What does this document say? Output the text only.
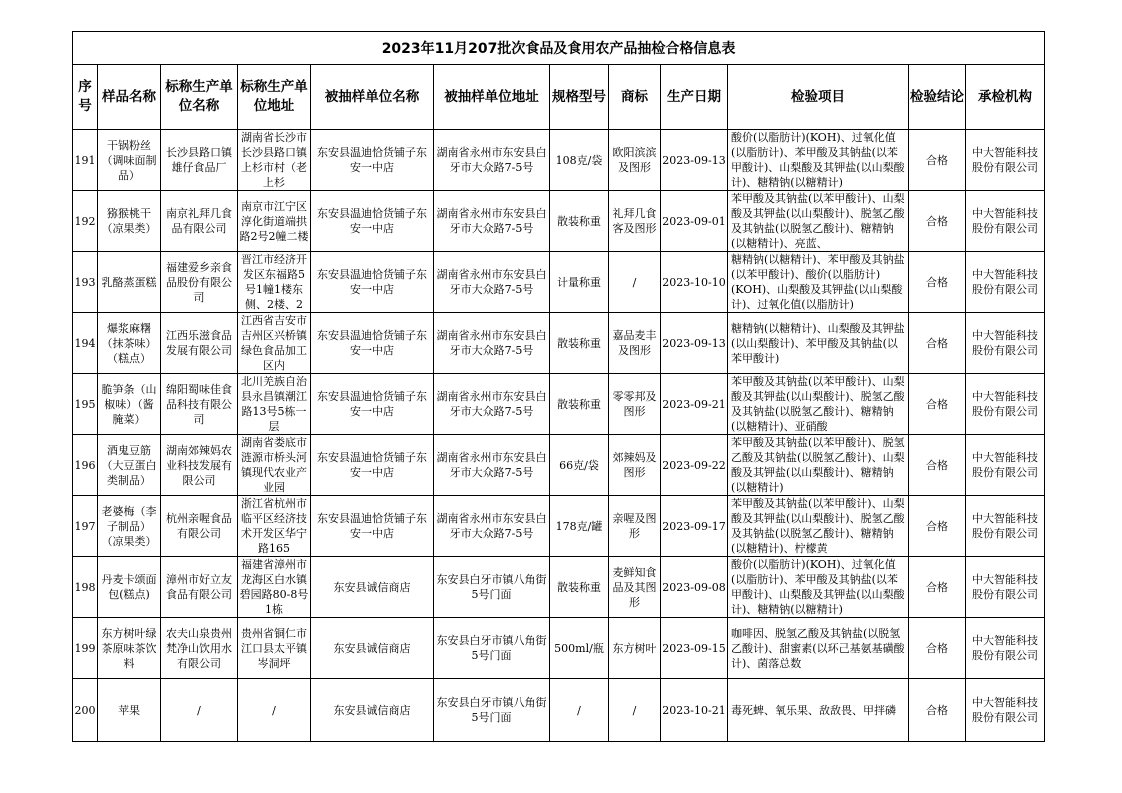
2023年11月207批次食品及食用农产品抽检合格信息表											
序号	样品名称	标称生产单位名称	标称生产单位地址	被抽样单位名称	被抽样单位地址	规格型号	商标	生产日期	检验项目	检验结论	承检机构

191	干锅粉丝（调味面制品）	长沙县路口镇雄仔食品厂	湖南省长沙市长沙县路口镇上杉市村（老上杉	东安县温迪恰货铺子东安一中店	湖南省永州市东安县白牙市大众路7-5号	108克/袋	欧阳滨滨及图形	2023-09-13	酸价(以脂肪计)(KOH)、过氧化值(以脂肪计)、苯甲酸及其钠盐(以苯甲酸计)、山梨酸及其钾盐(以山梨酸计)、糖精钠(以糖精计)	合格	中大智能科技股份有限公司

192	猕猴桃干（凉果类）	南京礼拜几食品有限公司	南京市江宁区淳化街道端拱路2号2幢二楼	东安县温迪恰货铺子东安一中店	湖南省永州市东安县白牙市大众路7-5号	散装称重	礼拜几食客及图形	2023-09-01	苯甲酸及其钠盐(以苯甲酸计)、山梨酸及其钾盐(以山梨酸计)、脱氢乙酸及其钠盐(以脱氢乙酸计)、糖精钠(以糖精计)、亮蓝、	合格	中大智能科技股份有限公司

193	乳酪蒸蛋糕	福建爱乡亲食品股份有限公司	晋江市经济开发区东福路5号1幢1楼东侧、2楼、2	东安县温迪恰货铺子东安一中店	湖南省永州市东安县白牙市大众路7-5号	计量称重	/	2023-10-10	糖精钠(以糖精计)、苯甲酸及其钠盐(以苯甲酸计)、酸价(以脂肪计)(KOH)、山梨酸及其钾盐(以山梨酸计)、过氧化值(以脂肪计)	合格	中大智能科技股份有限公司

194	爆浆麻糬（抹茶味）（糕点）	江西乐滋食品发展有限公司	江西省吉安市吉州区兴桥镇绿色食品加工区内	东安县温迪恰货铺子东安一中店	湖南省永州市东安县白牙市大众路7-5号	散装称重	嘉品麦丰及图形	2023-09-13	糖精钠(以糖精计)、山梨酸及其钾盐(以山梨酸计)、苯甲酸及其钠盐(以苯甲酸计)	合格	中大智能科技股份有限公司

195	脆笋条（山椒味）（酱腌菜）	绵阳蜀味佳食品科技有限公司	北川羌族自治县永昌镇潮江路13号5栋一层	东安县温迪恰货铺子东安一中店	湖南省永州市东安县白牙市大众路7-5号	散装称重	零零邦及图形	2023-09-21	苯甲酸及其钠盐(以苯甲酸计)、山梨酸及其钾盐(以山梨酸计)、脱氢乙酸及其钠盐(以脱氢乙酸计)、糖精钠(以糖精计)、亚硝酸	合格	中大智能科技股份有限公司

196	酒鬼豆筋（大豆蛋白类制品）	湖南郊辣妈农业科技发展有限公司	湖南省娄底市涟源市桥头河镇现代农业产业园	东安县温迪恰货铺子东安一中店	湖南省永州市东安县白牙市大众路7-5号	66克/袋	郊辣妈及图形	2023-09-22	苯甲酸及其钠盐(以苯甲酸计)、脱氢乙酸及其钠盐(以脱氢乙酸计)、山梨酸及其钾盐(以山梨酸计)、糖精钠(以糖精计)	合格	中大智能科技股份有限公司

197	老婆梅（李子制品）（凉果类）	杭州亲喔食品有限公司	浙江省杭州市临平区经济技术开发区华宁路165	东安县温迪恰货铺子东安一中店	湖南省永州市东安县白牙市大众路7-5号	178克/罐	亲喔及图形	2023-09-17	苯甲酸及其钠盐(以苯甲酸计)、山梨酸及其钾盐(以山梨酸计)、脱氢乙酸及其钠盐(以脱氢乙酸计)、糖精钠(以糖精计)、柠檬黄	合格	中大智能科技股份有限公司

198	丹麦卡颂面包(糕点)	漳州市好立友食品有限公司	福建省漳州市龙海区白水镇碧园路80-8号1栋	东安县诚信商店	东安县白牙市镇八角街5号门面	散装称重	麦鲜知食品及其图形	2023-09-08	酸价(以脂肪计)(KOH)、过氧化值(以脂肪计)、苯甲酸及其钠盐(以苯甲酸计)、山梨酸及其钾盐(以山梨酸计)、糖精钠(以糖精计)	合格	中大智能科技股份有限公司

199	东方树叶绿茶原味茶饮料	农夫山泉贵州梵净山饮用水有限公司	贵州省铜仁市江口县太平镇岑洞坪	东安县诚信商店	东安县白牙市镇八角街5号门面	500ml/瓶	东方树叶	2023-09-15	咖啡因、脱氢乙酸及其钠盐(以脱氢乙酸计)、甜蜜素(以环己基氨基磺酸计)、菌落总数	合格	中大智能科技股份有限公司

200	苹果	/	/	东安县诚信商店	东安县白牙市镇八角街5号门面	/	/	2023-10-21	毒死蜱、氧乐果、敌敌畏、甲拌磷	合格	中大智能科技股份有限公司
